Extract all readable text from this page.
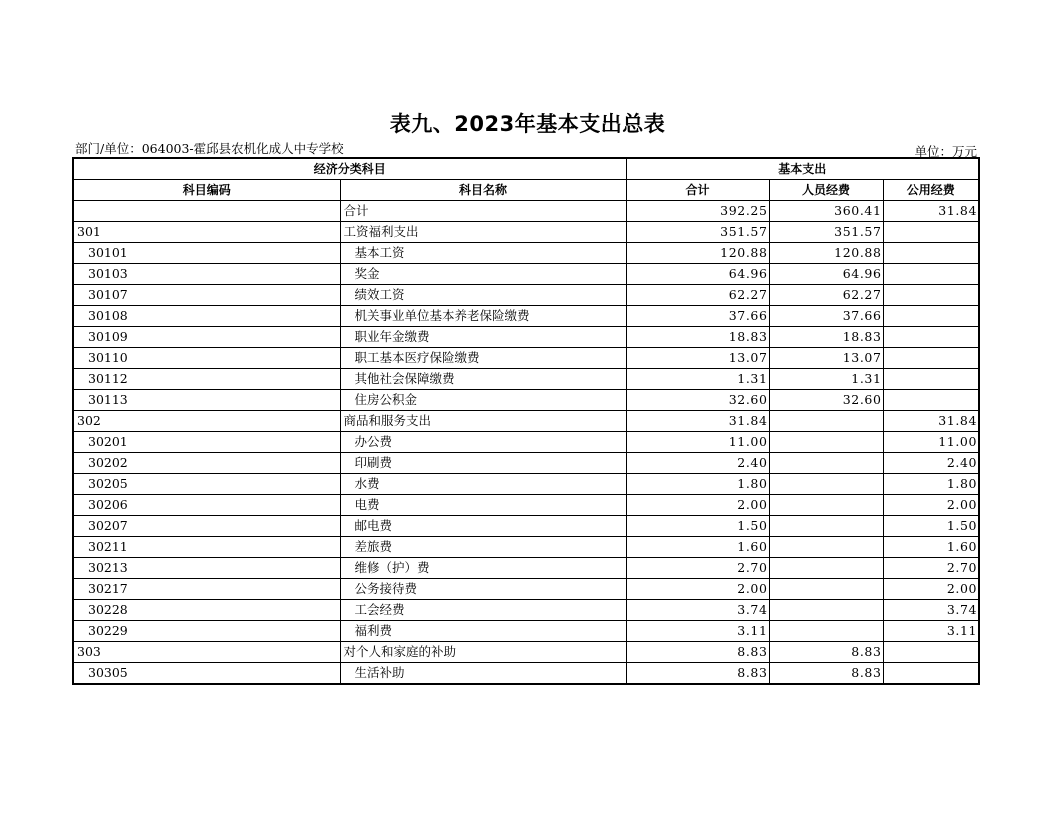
表九、2023年基本支出总表
部门/单位：064003-霍邱县农机化成人中专学校	单位：万元
经济分类科目		基本支出		
科目编码	科目名称	合计	人员经费	公用经费
	合计	392.25	360.41	31.84
301	工资福利支出	351.57	351.57	
30101	基本工资	120.88	120.88	
30103	奖金	64.96	64.96	
30107	绩效工资	62.27	62.27	
30108	机关事业单位基本养老保险缴费	37.66	37.66	
30109	职业年金缴费	18.83	18.83	
30110	职工基本医疗保险缴费	13.07	13.07	
30112	其他社会保障缴费	1.31	1.31	
30113	住房公积金	32.60	32.60	
302	商品和服务支出	31.84		31.84
30201	办公费	11.00		11.00
30202	印刷费	2.40		2.40
30205	水费	1.80		1.80
30206	电费	2.00		2.00
30207	邮电费	1.50		1.50
30211	差旅费	1.60		1.60
30213	维修（护）费	2.70		2.70
30217	公务接待费	2.00		2.00
30228	工会经费	3.74		3.74
30229	福利费	3.11		3.11
303	对个人和家庭的补助	8.83	8.83	
30305	生活补助	8.83	8.83	
